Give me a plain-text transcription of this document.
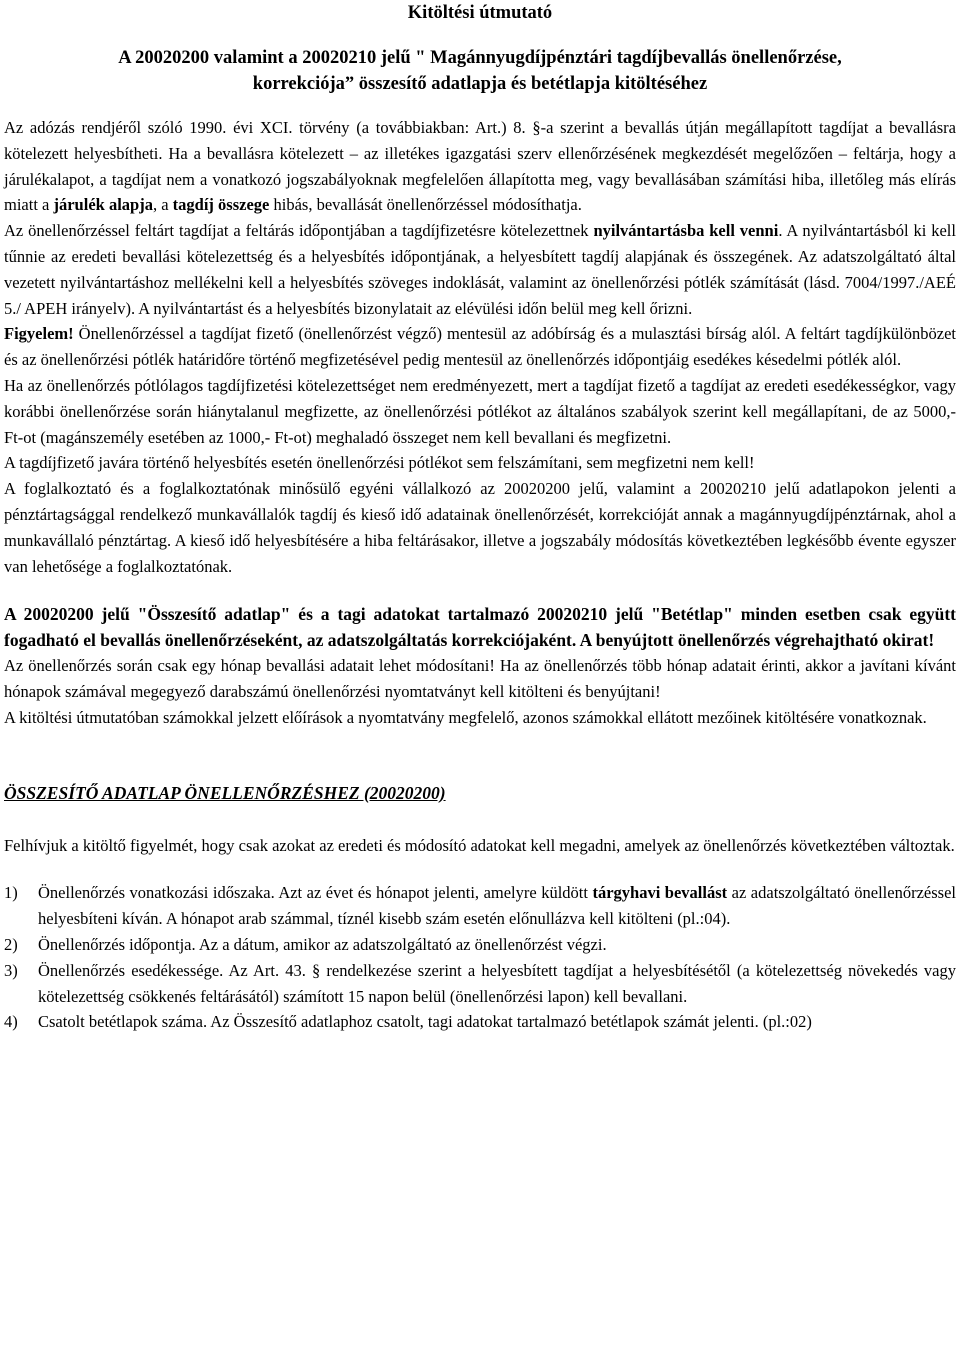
Kitöltési útmutató
A 20020200 valamint a 20020210 jelű " Magánnyugdíjpénztári tagdíjbevallás önellenőrzése,
korrekciója” összesítő adatlapja és betétlapja kitöltéséhez

Az adózás rendjéről szóló 1990. évi XCI. törvény (a továbbiakban: Art.) 8. §-a szerint a bevallás útján megállapított tagdíjat a bevallásra kötelezett helyesbítheti. Ha a bevallásra kötelezett – az illetékes igazgatási szerv ellenőrzésének megkezdését megelőzően – feltárja, hogy a járulékalapot, a tagdíjat nem a vonatkozó jogszabályoknak megfelelően állapította meg, vagy bevallásában számítási hiba, illetőleg más elírás miatt a járulék alapja, a tagdíj összege hibás, bevallását önellenőrzéssel módosíthatja.

Az önellenőrzéssel feltárt tagdíjat a feltárás időpontjában a tagdíjfizetésre kötelezettnek nyilvántartásba kell venni. A nyilvántartásból ki kell tűnnie az eredeti bevallási kötelezettség és a helyesbítés időpontjának, a helyesbített tagdíj alapjának és összegének. Az adatszolgáltató által vezetett nyilvántartáshoz mellékelni kell a helyesbítés szöveges indoklását, valamint az önellenőrzési pótlék számítását (lásd. 7004/1997./AEÉ 5./ APEH irányelv). A nyilvántartást és a helyesbítés bizonylatait az elévülési időn belül meg kell őrizni.

Figyelem! Önellenőrzéssel a tagdíjat fizető (önellenőrzést végző) mentesül az adóbírság és a mulasztási bírság alól. A feltárt tagdíjkülönbözet és az önellenőrzési pótlék határidőre történő megfizetésével pedig mentesül az önellenőrzés időpontjáig esedékes késedelmi pótlék alól.

Ha az önellenőrzés pótlólagos tagdíjfizetési kötelezettséget nem eredményezett, mert a tagdíjat fizető a tagdíjat az eredeti esedékességkor, vagy korábbi önellenőrzése során hiánytalanul megfizette, az önellenőrzési pótlékot az általános szabályok szerint kell megállapítani, de az 5000,- Ft-ot (magánszemély esetében az 1000,- Ft-ot) meghaladó összeget nem kell bevallani és megfizetni.

A tagdíjfizető javára történő helyesbítés esetén önellenőrzési pótlékot sem felszámítani, sem megfizetni nem kell!

A foglalkoztató és a foglalkoztatónak minősülő egyéni vállalkozó az 20020200 jelű, valamint a 20020210 jelű adatlapokon jelenti a pénztártagsággal rendelkező munkavállalók tagdíj és kieső idő adatainak önellenőrzését, korrekcióját annak a magánnyugdíjpénztárnak, ahol a munkavállaló pénztártag. A kieső idő helyesbítésére a hiba feltárásakor, illetve a jogszabály módosítás következtében legkésőbb évente egyszer van lehetősége a foglalkoztatónak.

A 20020200 jelű "Összesítő adatlap" és a tagi adatokat tartalmazó 20020210 jelű "Betétlap" minden esetben csak együtt fogadható el bevallás önellenőrzéseként, az adatszolgáltatás korrekciójaként. A benyújtott önellenőrzés végrehajtható okirat!

Az önellenőrzés során csak egy hónap bevallási adatait lehet módosítani! Ha az önellenőrzés több hónap adatait érinti, akkor a javítani kívánt hónapok számával megegyező darabszámú önellenőrzési nyomtatványt kell kitölteni és benyújtani!

A kitöltési útmutatóban számokkal jelzett előírások a nyomtatvány megfelelő, azonos számokkal ellátott mezőinek kitöltésére vonatkoznak.

ÖSSZESÍTŐ ADATLAP ÖNELLENŐRZÉSHEZ (20020200)

Felhívjuk a kitöltő figyelmét, hogy csak azokat az eredeti és módosító adatokat kell megadni, amelyek az önellenőrzés következtében változtak.

1) Önellenőrzés vonatkozási időszaka. Azt az évet és hónapot jelenti, amelyre küldött tárgyhavi bevallást az adatszolgáltató önellenőrzéssel helyesbíteni kíván. A hónapot arab számmal, tíznél kisebb szám esetén előnullázva kell kitölteni (pl.:04).
2) Önellenőrzés időpontja. Az a dátum, amikor az adatszolgáltató az önellenőrzést végzi.
3) Önellenőrzés esedékessége. Az Art. 43. § rendelkezése szerint a helyesbített tagdíjat a helyesbítésétől (a kötelezettség növekedés vagy kötelezettség csökkenés feltárásától) számított 15 napon belül (önellenőrzési lapon) kell bevallani.
4) Csatolt betétlapok száma. Az Összesítő adatlaphoz csatolt, tagi adatokat tartalmazó betétlapok számát jelenti. (pl.:02)
